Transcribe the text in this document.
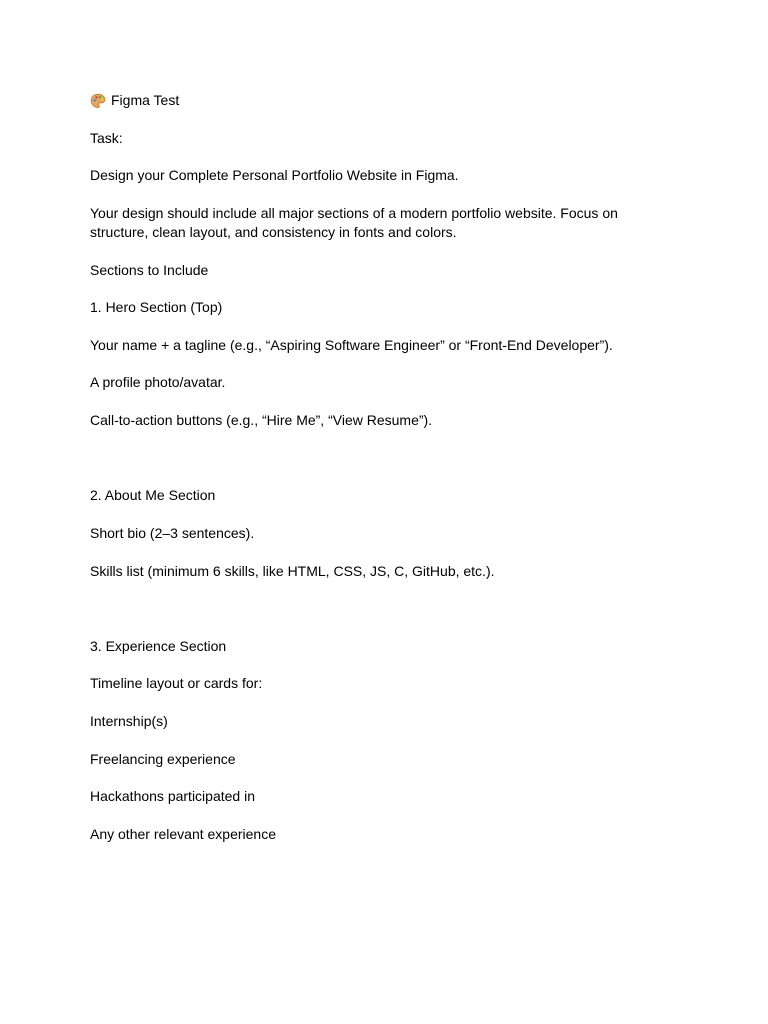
Figma Test
Task:
Design your Complete Personal Portfolio Website in Figma.
Your design should include all major sections of a modern portfolio website. Focus on structure, clean layout, and consistency in fonts and colors.
Sections to Include
1. Hero Section (Top)
Your name + a tagline (e.g., “Aspiring Software Engineer” or “Front-End Developer”).
A profile photo/avatar.
Call-to-action buttons (e.g., “Hire Me”, “View Resume”).
2. About Me Section
Short bio (2–3 sentences).
Skills list (minimum 6 skills, like HTML, CSS, JS, C, GitHub, etc.).
3. Experience Section
Timeline layout or cards for:
Internship(s)
Freelancing experience
Hackathons participated in
Any other relevant experience
